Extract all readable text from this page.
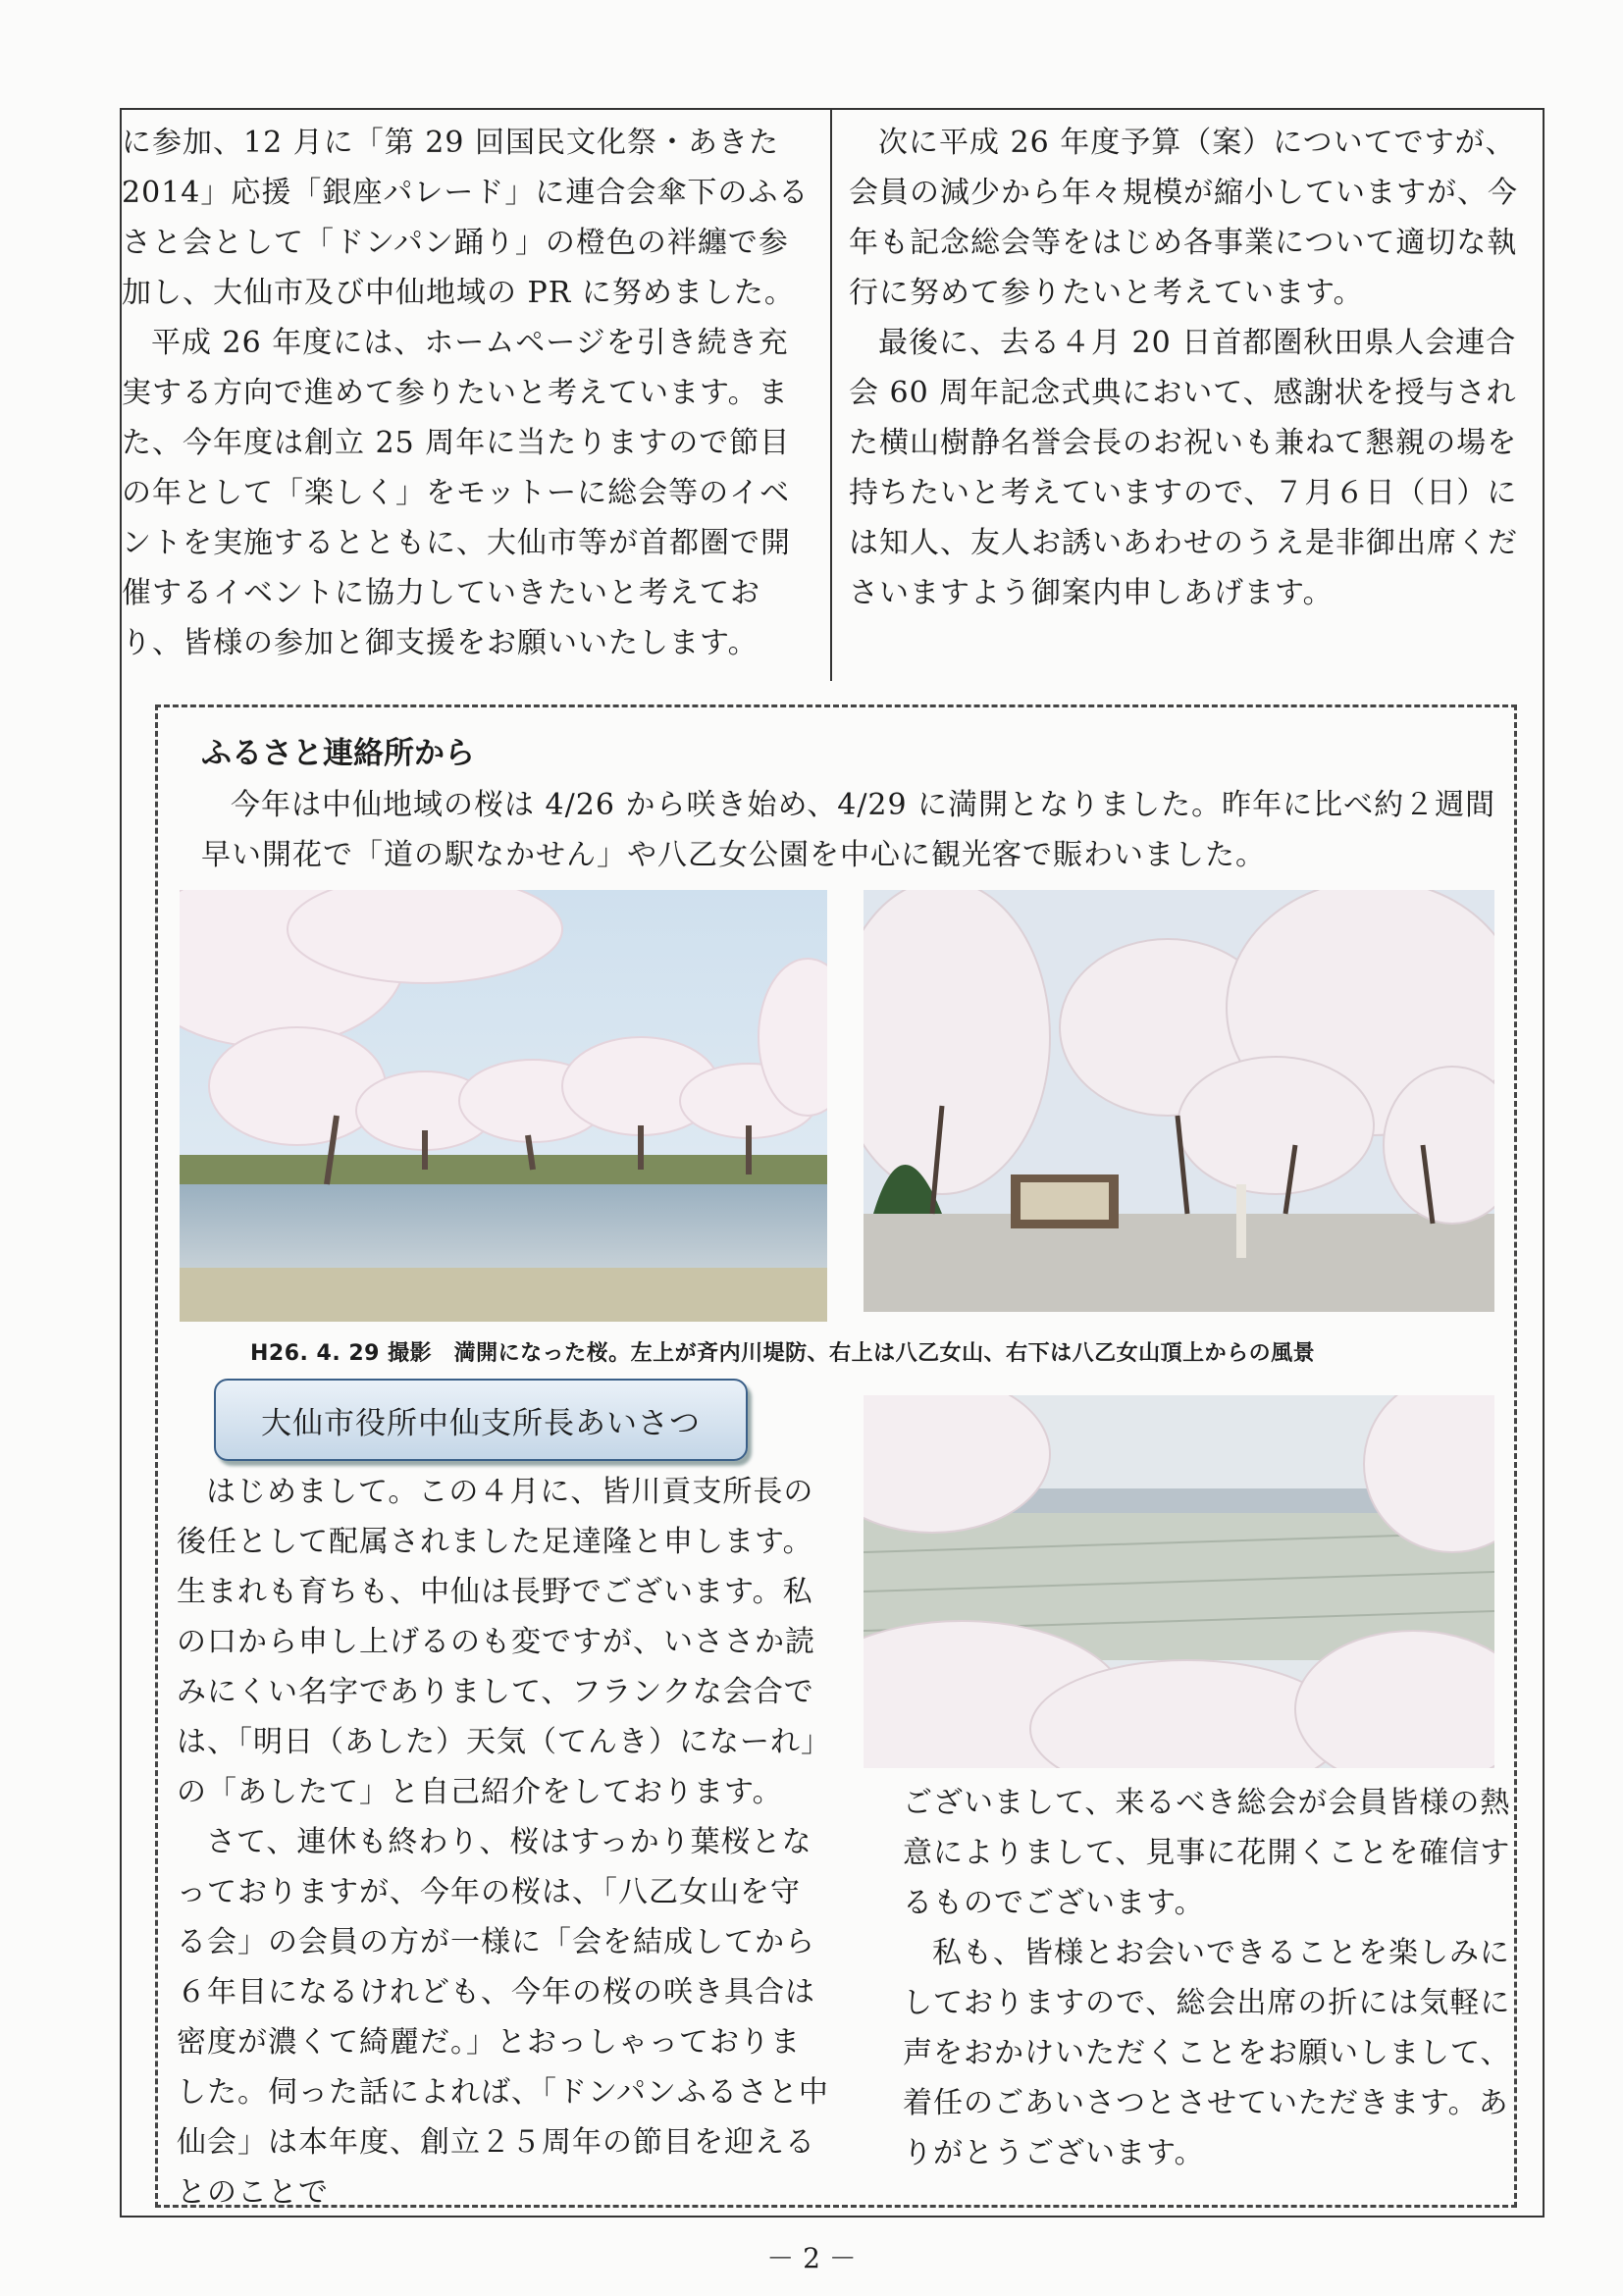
に参加、12 月に「第 29 回国民文化祭・あきた 2014」応援「銀座パレード」に連合会傘下のふるさと会として「ドンパン踊り」の橙色の袢纏で参加し、大仙市及び中仙地域の PR に努めました。

平成 26 年度には、ホームページを引き続き充実する方向で進めて参りたいと考えています。また、今年度は創立 25 周年に当たりますので節目の年として「楽しく」をモットーに総会等のイベントを実施するとともに、大仙市等が首都圏で開催するイベントに協力していきたいと考えており、皆様の参加と御支援をお願いいたします。

次に平成 26 年度予算（案）についてですが、会員の減少から年々規模が縮小していますが、今年も記念総会等をはじめ各事業について適切な執行に努めて参りたいと考えています。

最後に、去る４月 20 日首都圏秋田県人会連合会 60 周年記念式典において、感謝状を授与された横山樹静名誉会長のお祝いも兼ねて懇親の場を持ちたいと考えていますので、７月６日（日）には知人、友人お誘いあわせのうえ是非御出席くださいますよう御案内申しあげます。

ふるさと連絡所から

今年は中仙地域の桜は 4/26 から咲き始め、4/29 に満開となりました。昨年に比べ約２週間早い開花で「道の駅なかせん」や八乙女公園を中心に観光客で賑わいました。

H26. 4. 29 撮影　満開になった桜。左上が斉内川堤防、右上は八乙女山、右下は八乙女山頂上からの風景
大仙市役所中仙支所長あいさつ

はじめまして。この４月に、皆川貢支所長の後任として配属されました足達隆と申します。生まれも育ちも、中仙は長野でございます。私の口から申し上げるのも変ですが、いささか読みにくい名字でありまして、フランクな会合では、「明日（あした）天気（てんき）になーれ」の「あしたて」と自己紹介をしております。

さて、連休も終わり、桜はすっかり葉桜となっておりますが、今年の桜は、「八乙女山を守る会」の会員の方が一様に「会を結成してから６年目になるけれども、今年の桜の咲き具合は密度が濃くて綺麗だ。」とおっしゃっておりました。伺った話によれば、「ドンパンふるさと中仙会」は本年度、創立２５周年の節目を迎えるとのことで

ございまして、来るべき総会が会員皆様の熱意によりまして、見事に花開くことを確信するものでございます。

私も、皆様とお会いできることを楽しみにしておりますので、総会出席の折には気軽に声をおかけいただくことをお願いしまして、着任のごあいさつとさせていただきます。ありがとうございます。

－ 2 －
